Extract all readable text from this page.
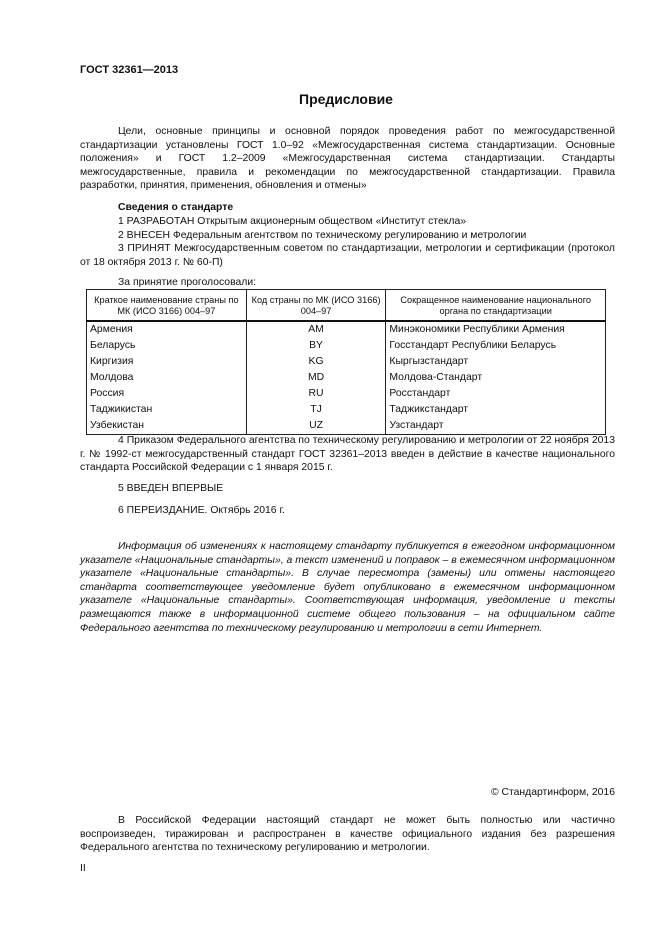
ГОСТ 32361—2013
Предисловие
Цели, основные принципы и основной порядок проведения работ по межгосударственной стандартизации установлены ГОСТ 1.0–92 «Межгосударственная система стандартизации. Основные положения» и ГОСТ 1.2–2009 «Межгосударственная система стандартизации. Стандарты межгосударственные, правила и рекомендации по межгосударственной стандартизации. Правила разработки, принятия, применения, обновления и отмены»
Сведения о стандарте
1 РАЗРАБОТАН Открытым акционерным обществом «Институт стекла»
2 ВНЕСЕН Федеральным агентством по техническому регулированию и метрологии
3 ПРИНЯТ Межгосударственным советом по стандартизации, метрологии и сертификации (протокол от 18 октября 2013 г. № 60-П)
За принятие проголосовали:
Краткое наименование страны по МК (ИСО 3166) 004–97	Код страны по МК (ИСО 3166) 004–97	Сокращенное наименование национального органа по стандартизации
Армения	AM	Минэкономики Республики Армения
Беларусь	BY	Госстандарт Республики Беларусь
Киргизия	KG	Кыргызстандарт
Молдова	MD	Молдова-Стандарт
Россия	RU	Росстандарт
Таджикистан	TJ	Таджикстандарт
Узбекистан	UZ	Узстандарт
4 Приказом Федерального агентства по техническому регулированию и метрологии от 22 ноября 2013 г. № 1992-ст межгосударственный стандарт ГОСТ 32361–2013 введен в действие в качестве национального стандарта Российской Федерации с 1 января 2015 г.
5 ВВЕДЕН ВПЕРВЫЕ
6 ПЕРЕИЗДАНИЕ. Октябрь 2016 г.
Информация об изменениях к настоящему стандарту публикуется в ежегодном информационном указателе «Национальные стандарты», а текст изменений и поправок – в ежемесячном информационном указателе «Национальные стандарты». В случае пересмотра (замены) или отмены настоящего стандарта соответствующее уведомление будет опубликовано в ежемесячном информационном указателе «Национальные стандарты». Соответствующая информация, уведомление и тексты размещаются также в информационной системе общего пользования – на официальном сайте Федерального агентства по техническому регулированию и метрологии в сети Интернет.
© Стандартинформ, 2016
В Российской Федерации настоящий стандарт не может быть полностью или частично воспроизведен, тиражирован и распространен в качестве официального издания без разрешения Федерального агентства по техническому регулированию и метрологии.
II
